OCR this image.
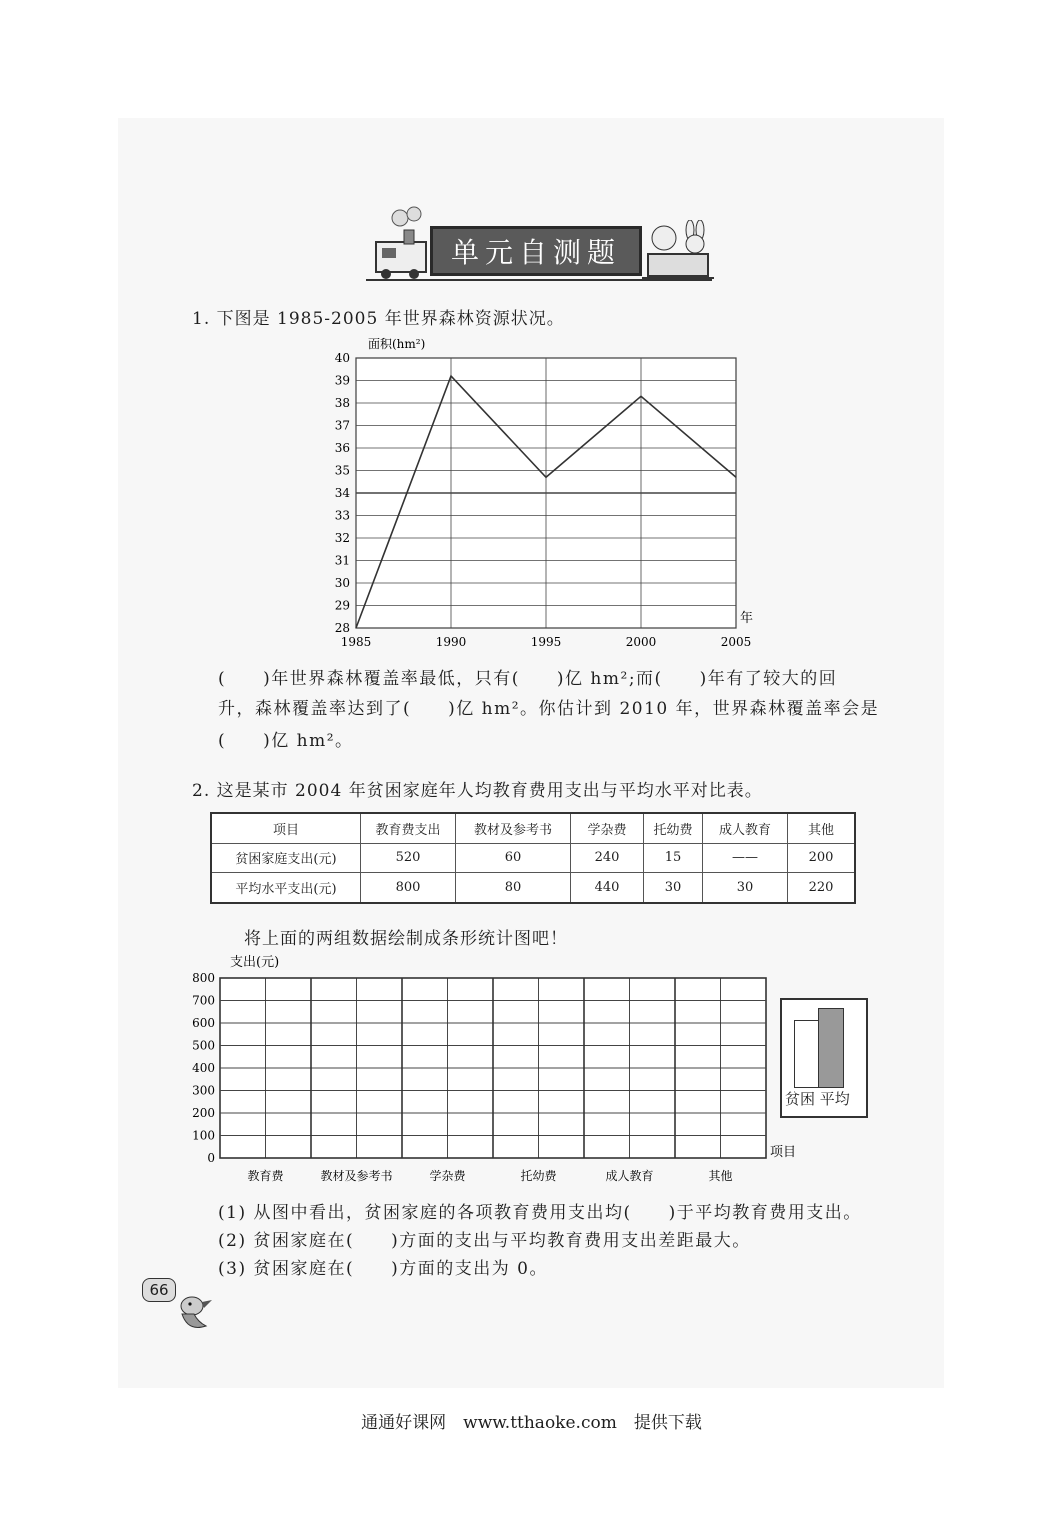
单元自测题
1. 下图是 1985-2005 年世界森林资源状况。
28
29
30
31
32
33
34
35
36
37
38
39
40
1985	1990	1995	2000	2005
面积(hm²)
年
(　　)年世界森林覆盖率最低，只有(　　)亿 hm²;而(　　)年有了较大的回
升，森林覆盖率达到了(　　)亿 hm²。你估计到 2010 年，世界森林覆盖率会是
(　　)亿 hm²。
2. 这是某市 2004 年贫困家庭年人均教育费用支出与平均水平对比表。
项目	教育费支出	教材及参考书	学杂费	托幼费	成人教育	其他
贫困家庭支出(元)	520	60	240	15	——	200
平均水平支出(元)	800	80	440	30	30	220
将上面的两组数据绘制成条形统计图吧！
支出(元)
0
100
200
300
400
500
600
700
800
教育费	教材及参考书	学杂费	托幼费	成人教育	其他
项目
贫困 平均
(1) 从图中看出，贫困家庭的各项教育费用支出均(　　)于平均教育费用支出。
(2) 贫困家庭在(　　)方面的支出与平均教育费用支出差距最大。
(3) 贫困家庭在(　　)方面的支出为 0。
66
通通好课网　www.tthaoke.com　提供下载
